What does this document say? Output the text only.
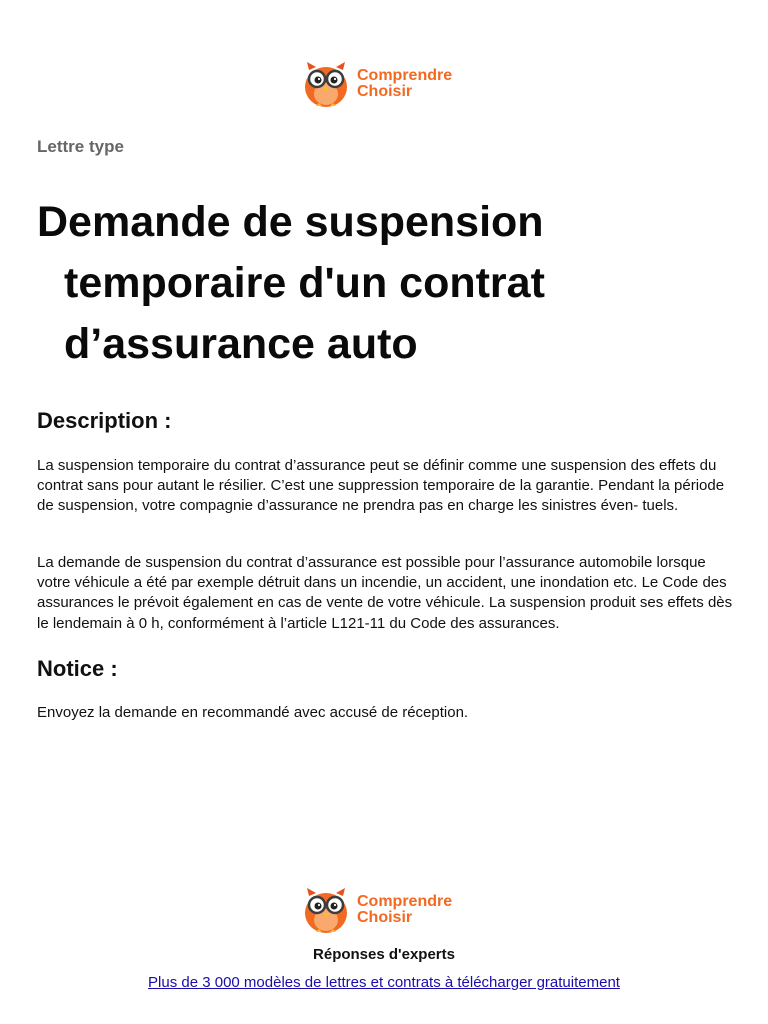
Comprendre
Choisir
Lettre type
Demande de suspension
temporaire d'un contrat
d’assurance auto
Description :

La suspension temporaire du contrat d’assurance peut se définir comme une suspension des effets du contrat sans pour autant le résilier. C’est une suppression temporaire de la garantie. Pendant la période de suspension, votre compagnie d’assurance ne prendra pas en charge les sinistres éven- tuels.

La demande de suspension du contrat d’assurance est possible pour l’assurance automobile lorsque votre véhicule a été par exemple détruit dans un incendie, un accident, une inondation etc. Le Code des assurances le prévoit également en cas de vente de votre véhicule. La suspension produit ses effets dès le lendemain à 0 h, conformément à l’article L121-11 du Code des assurances.

Notice :

Envoyez la demande en recommandé avec accusé de réception.

Comprendre
Choisir
Réponses d'experts
Plus de 3 000 modèles de lettres et contrats à télécharger gratuitement
